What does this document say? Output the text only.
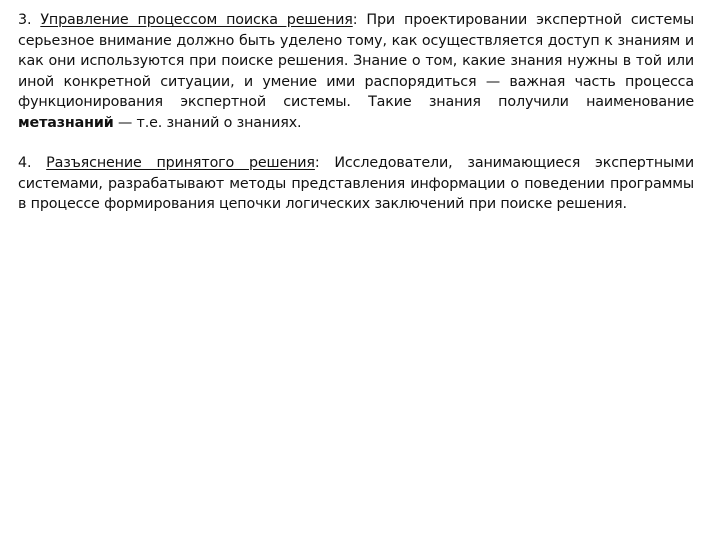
3. Управление процессом поиска решения: При проектировании экспертной системы серьезное внимание должно быть уделено тому, как осуществляется доступ к знаниям и как они используются при поиске решения. Знание о том, какие знания нужны в той или иной конкретной ситуации, и умение ими распорядиться — важная часть процесса функционирования экспертной системы. Такие знания получили наименование метазнаний — т.е. знаний о знаниях.

4. Разъяснение принятого решения: Исследователи, занимающиеся экспертными системами, разрабатывают методы представления информации о поведении программы в процессе формирования цепочки логических заключений при поиске решения.
